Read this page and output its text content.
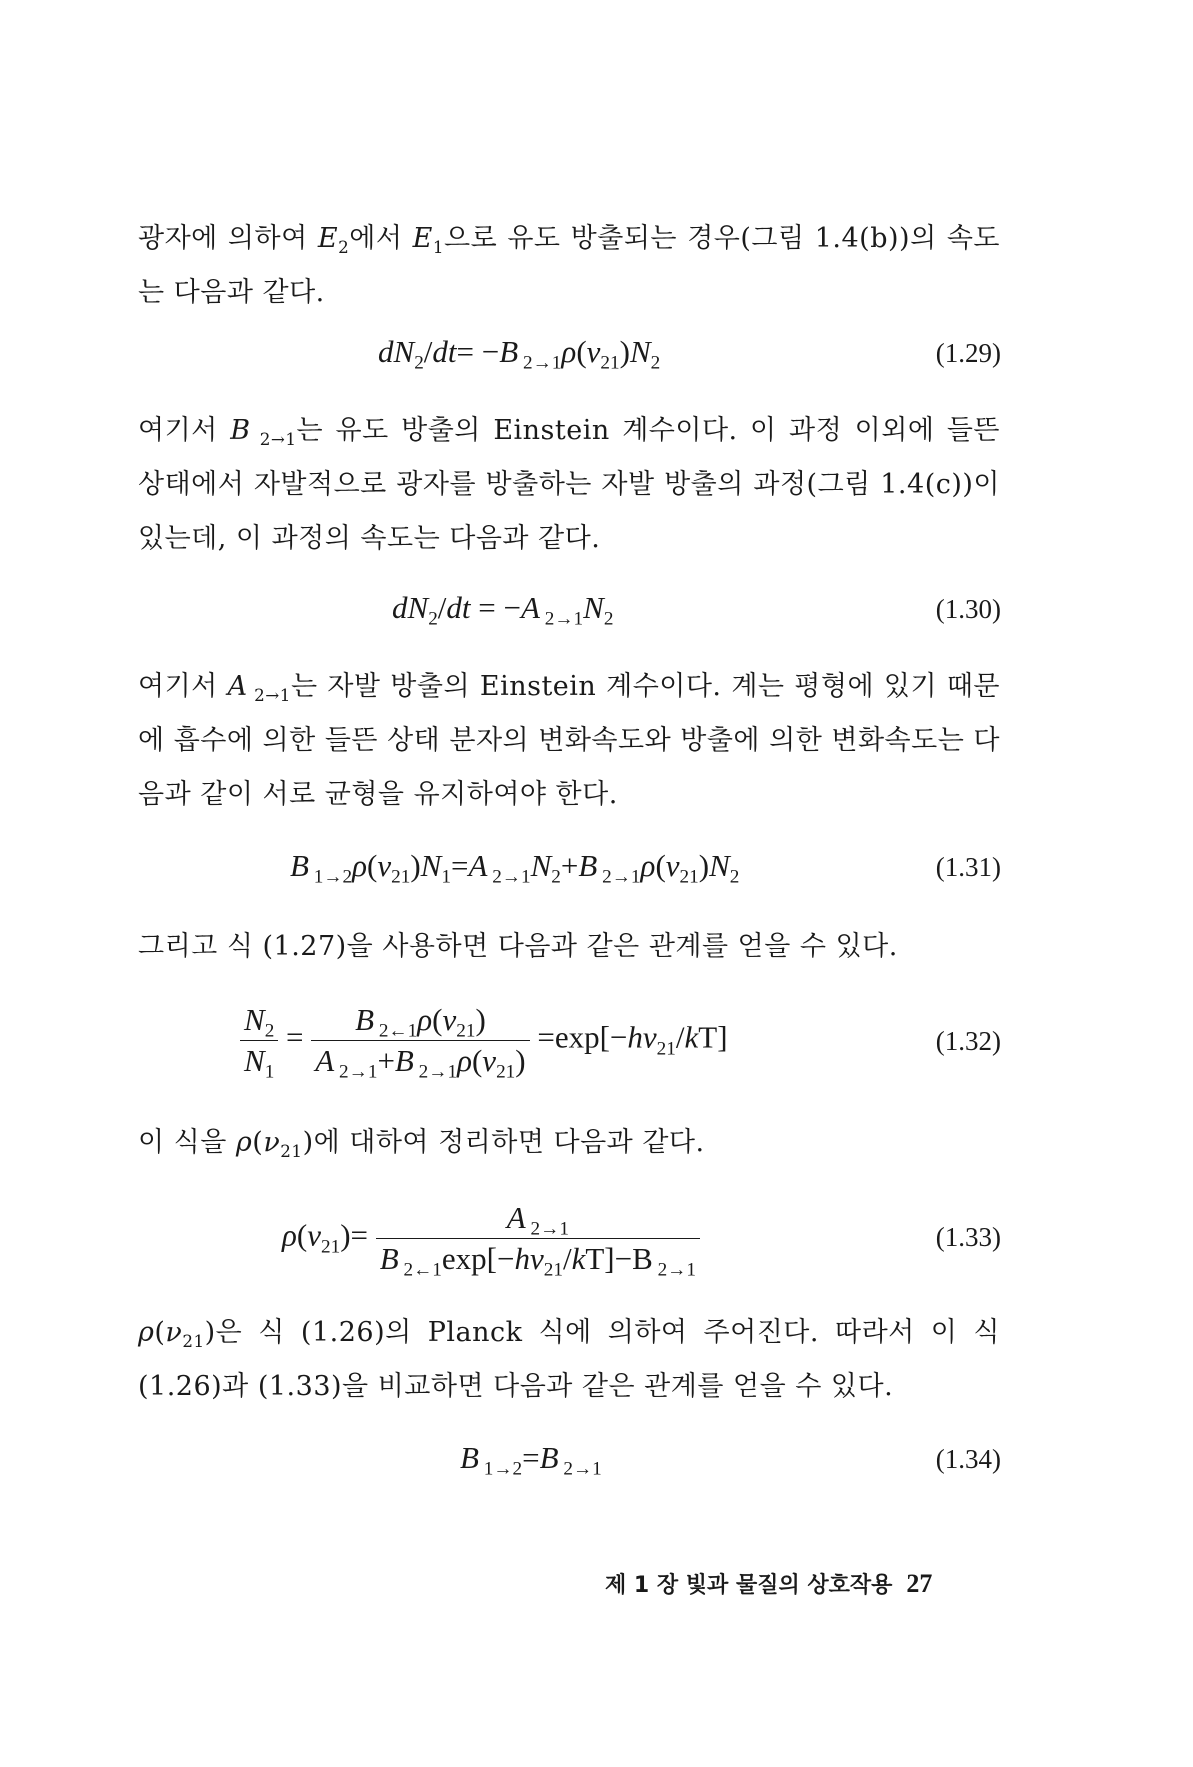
광자에 의하여 $E_2$에서 $E_1$으로 유도 방출되는 경우(그림 1.4(b))의 속도는 다음과 같다.
$dN_2/dt= -B$ $_{2\to 1}\rho(\nu_{21})N_2$	(1.29)
여기서 B $_{2\to 1}$는 유도 방출의 Einstein 계수이다. 이 과정 이외에 들뜬 상태에서 자발적으로 광자를 방출하는 자발 방출의 과정(그림 1.4(c))이 있는데, 이 과정의 속도는 다음과 같다.
$dN_2/dt = -A$ $_{2\to 1}N_2$	(1.30)
여기서 A $_{2\to 1}$는 자발 방출의 Einstein 계수이다. 계는 평형에 있기 때문에 흡수에 의한 들뜬 상태 분자의 변화속도와 방출에 의한 변화속도는 다음과 같이 서로 균형을 유지하여야 한다.
B $_{1\to 2}\rho(\nu_{21})N_1=A$ $_{2\to 1}N_2+B$ $_{2\to 1}\rho(\nu_{21})N_2$	(1.31)
그리고 식 (1.27)을 사용하면 다음과 같은 관계를 얻을 수 있다.
$\frac{N_2}{N_1} = \frac{B _{2\leftarrow 1}\rho(\nu_{21})}{A _{2\to 1}+B _{2\to 1}\rho(\nu_{21})} =\exp[-h\nu_{21}/kT]$	(1.32)
이 식을 $\rho(\nu_{21})$에 대하여 정리하면 다음과 같다.
$\rho(\nu_{21})= \frac{A _{2\to 1}}{B _{2\leftarrow 1}\exp[-h\nu_{21}/kT]-B _{2\to 1}}$	(1.33)
$\rho(\nu_{21})$은 식 (1.26)의 Planck 식에 의하여 주어진다. 따라서 이 식 (1.26)과 (1.33)을 비교하면 다음과 같은 관계를 얻을 수 있다.
B $_{1\to 2}$=B $_{2\to 1}$	(1.34)
제 1 장 빛과 물질의 상호작용 27
